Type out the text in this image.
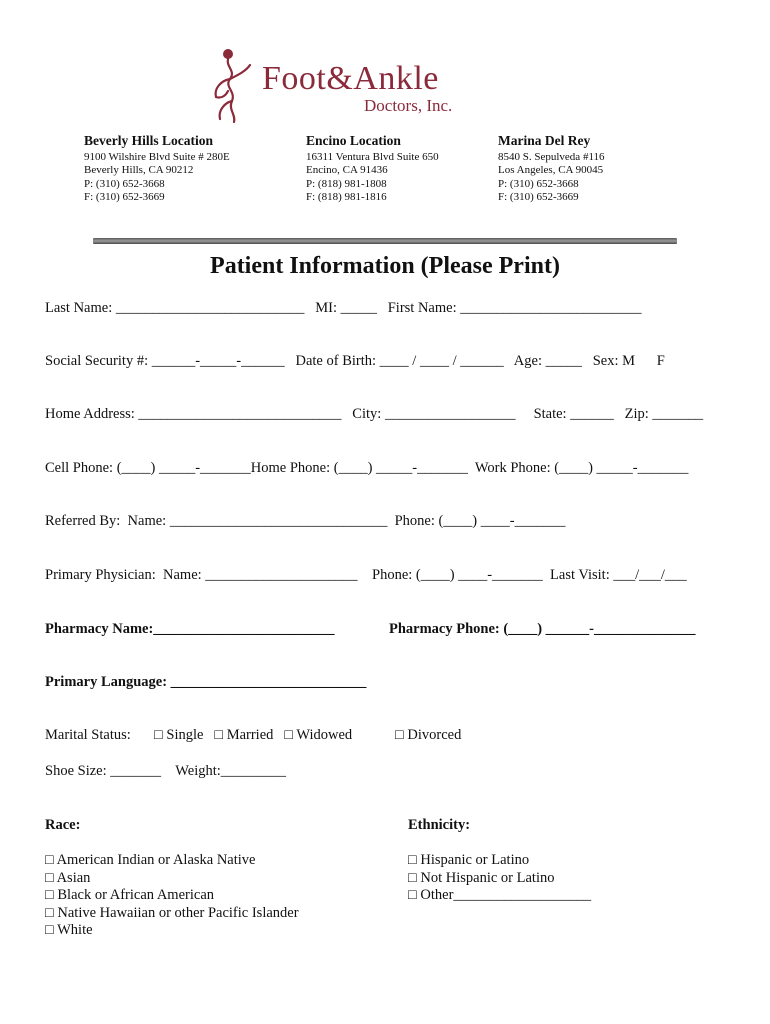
Foot&Ankle
Doctors, Inc.
Beverly Hills Location
9100 Wilshire Blvd Suite # 280E
Beverly Hills, CA 90212
P: (310) 652-3668
F: (310) 652-3669
Encino Location
16311 Ventura Blvd Suite 650
Encino, CA 91436
P: (818) 981-1808
F: (818) 981-1816
Marina Del Rey
8540 S. Sepulveda #116
Los Angeles, CA 90045
P: (310) 652-3668
F: (310) 652-3669
Patient Information (Please Print)
Last Name: __________________________   MI: _____   First Name: _________________________
Social Security #: ______-_____-______   Date of Birth: ____ / ____ / ______   Age: _____   Sex: M      F
Home Address: ____________________________   City: __________________     State: ______   Zip: _______
Cell Phone: (____) _____-_______Home Phone: (____) _____-_______  Work Phone: (____) _____-_______
Referred By:  Name: ______________________________  Phone: (____) ____-_______
Primary Physician:  Name: _____________________    Phone: (____) ____-_______  Last Visit: ___/___/___
Pharmacy Name:_________________________	Pharmacy Phone: (____) ______-______________
Primary Language: ___________________________
Marital Status: □ Single   □ Married   □ Widowed	□ Divorced
Shoe Size: _______    Weight:_________
Race:	Ethnicity:
□ American Indian or Alaska Native
□ Asian
□ Black or African American
□ Native Hawaiian or other Pacific Islander
□ White
□ Hispanic or Latino
□ Not Hispanic or Latino
□ Other___________________
